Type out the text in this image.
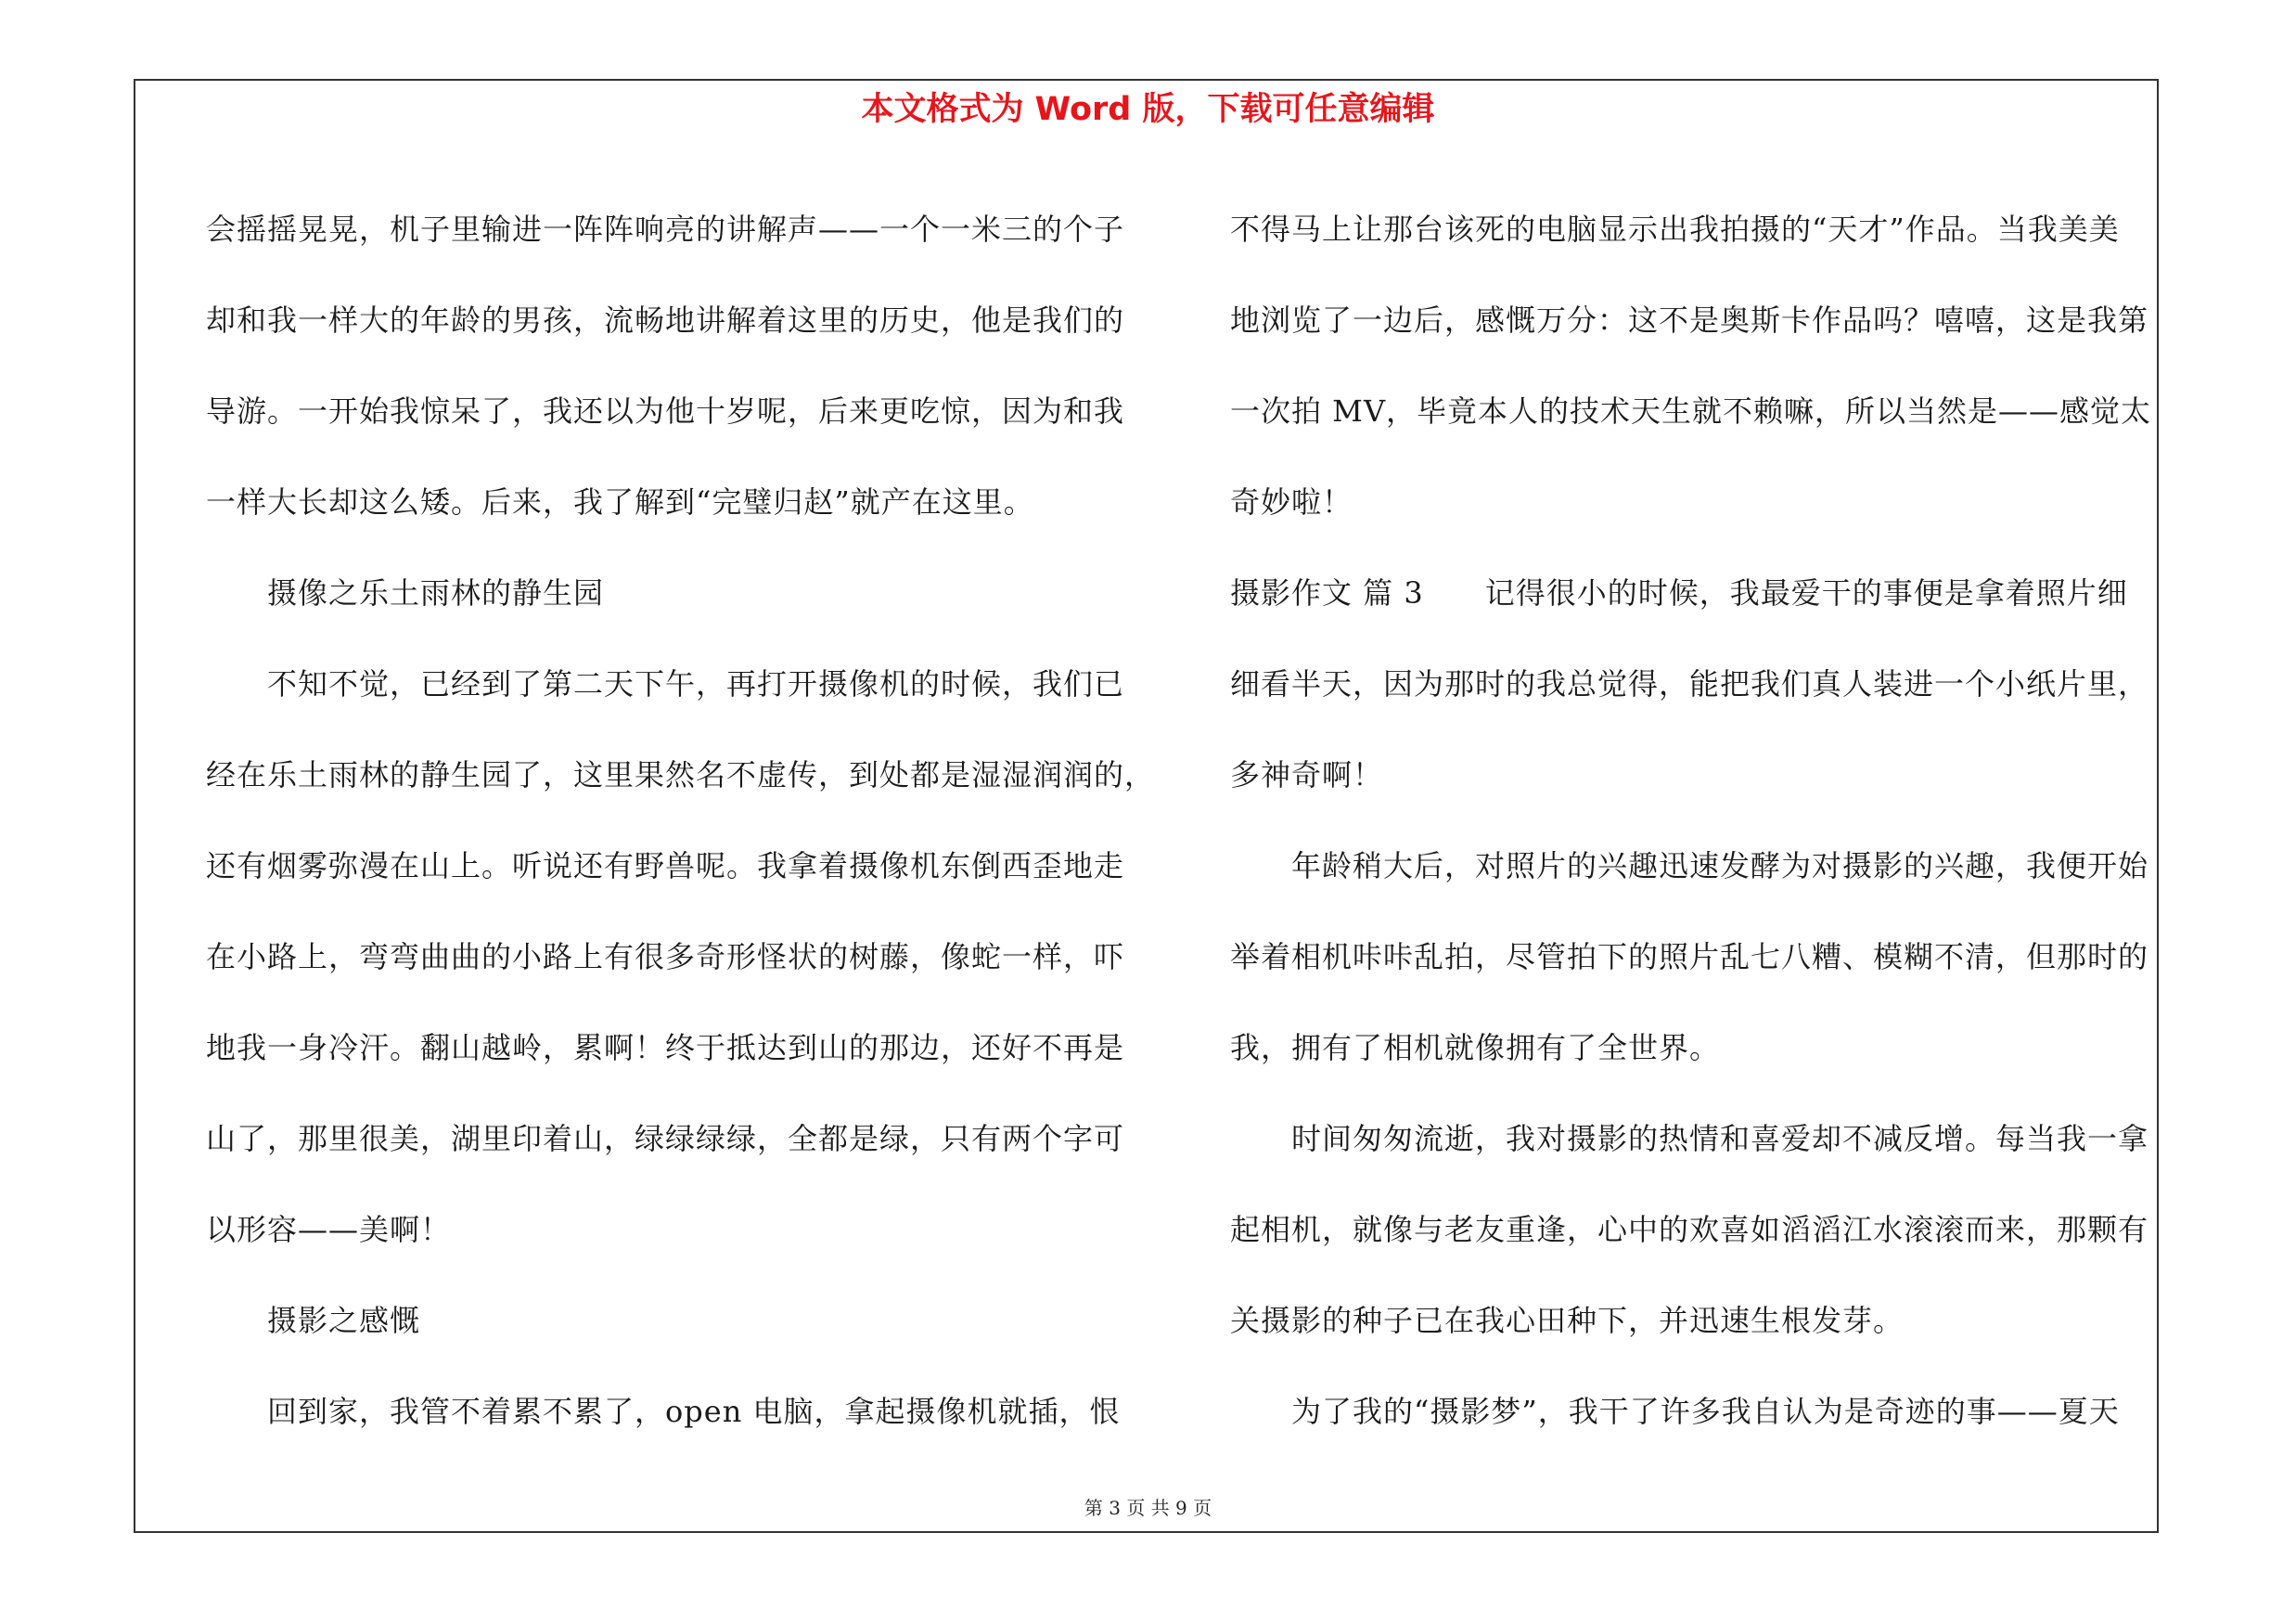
本文格式为 Word 版，下载可任意编辑
会摇摇晃晃，机子里输进一阵阵响亮的讲解声——一个一米三的个子
却和我一样大的年龄的男孩，流畅地讲解着这里的历史，他是我们的
导游。一开始我惊呆了，我还以为他十岁呢，后来更吃惊，因为和我
一样大长却这么矮。后来，我了解到“完璧归赵”就产在这里。
摄像之乐土雨林的静生园
不知不觉，已经到了第二天下午，再打开摄像机的时候，我们已
经在乐土雨林的静生园了，这里果然名不虚传，到处都是湿湿润润的，
还有烟雾弥漫在山上。听说还有野兽呢。我拿着摄像机东倒西歪地走
在小路上，弯弯曲曲的小路上有很多奇形怪状的树藤，像蛇一样，吓
地我一身冷汗。翻山越岭，累啊！终于抵达到山的那边，还好不再是
山了，那里很美，湖里印着山，绿绿绿绿，全都是绿，只有两个字可
以形容——美啊！
摄影之感慨
回到家，我管不着累不累了，open 电脑，拿起摄像机就插，恨
不得马上让那台该死的电脑显示出我拍摄的“天才”作品。当我美美
地浏览了一边后，感慨万分：这不是奥斯卡作品吗？嘻嘻，这是我第
一次拍 MV，毕竟本人的技术天生就不赖嘛，所以当然是——感觉太
奇妙啦！
摄影作文 篇 3 记得很小的时候，我最爱干的事便是拿着照片细
细看半天，因为那时的我总觉得，能把我们真人装进一个小纸片里，
多神奇啊！
年龄稍大后，对照片的兴趣迅速发酵为对摄影的兴趣，我便开始
举着相机咔咔乱拍，尽管拍下的照片乱七八糟、模糊不清，但那时的
我，拥有了相机就像拥有了全世界。
时间匆匆流逝，我对摄影的热情和喜爱却不减反增。每当我一拿
起相机，就像与老友重逢，心中的欢喜如滔滔江水滚滚而来，那颗有
关摄影的种子已在我心田种下，并迅速生根发芽。
为了我的“摄影梦”，我干了许多我自认为是奇迹的事——夏天
第 3 页 共 9 页
